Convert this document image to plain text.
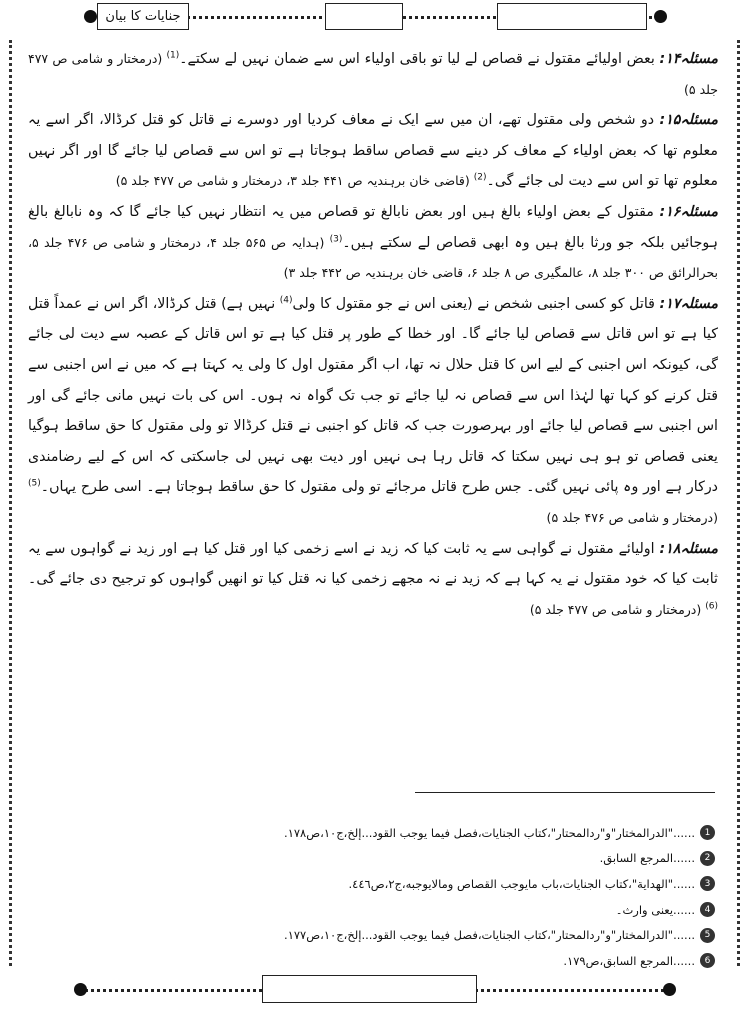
جنایات کا بیان

مسئلہ۱۴: بعض اولیائے مقتول نے قصاص لے لیا تو باقی اولیاء اس سے ضمان نہیں لے سکتے۔$^{(1)}$ (درمختار و شامی ص ۴۷۷ جلد ۵)

مسئلہ۱۵: دو شخص ولی مقتول تھے، ان میں سے ایک نے معاف کردیا اور دوسرے نے قاتل کو قتل کرڈالا، اگر اسے یہ معلوم تھا کہ بعض اولیاء کے معاف کر دینے سے قصاص ساقط ہوجاتا ہے تو اس سے قصاص لیا جائے گا اور اگر نہیں معلوم تھا تو اس سے دیت لی جائے گی۔$^{(2)}$ (قاضی خان برہندیہ ص ۴۴۱ جلد ۳، درمختار و شامی ص ۴۷۷ جلد ۵)

مسئلہ۱۶: مقتول کے بعض اولیاء بالغ ہیں اور بعض نابالغ تو قصاص میں یہ انتظار نہیں کیا جائے گا کہ وہ نابالغ بالغ ہوجائیں بلکہ جو ورثا بالغ ہیں وہ ابھی قصاص لے سکتے ہیں۔$^{(3)}$ (ہدایہ ص ۵۶۵ جلد ۴، درمختار و شامی ص ۴۷۶ جلد ۵، بحرالرائق ص ۳۰۰ جلد ۸، عالمگیری ص ۸ جلد ۶، قاضی خان برہندیہ ص ۴۴۲ جلد ۳)

مسئلہ۱۷: قاتل کو کسی اجنبی شخص نے (یعنی اس نے جو مقتول کا ولی$^{(4)}$ نہیں ہے) قتل کرڈالا، اگر اس نے عمداً قتل کیا ہے تو اس قاتل سے قصاص لیا جائے گا۔ اور خطا کے طور پر قتل کیا ہے تو اس قاتل کے عصبہ سے دیت لی جائے گی، کیونکہ اس اجنبی کے لیے اس کا قتل حلال نہ تھا، اب اگر مقتول اول کا ولی یہ کہتا ہے کہ میں نے اس اجنبی سے قتل کرنے کو کہا تھا لہٰذا اس سے قصاص نہ لیا جائے تو جب تک گواہ نہ ہوں۔ اس کی بات نہیں مانی جائے گی اور اس اجنبی سے قصاص لیا جائے اور بہرصورت جب کہ قاتل کو اجنبی نے قتل کرڈالا تو ولی مقتول کا حق ساقط ہوگیا یعنی قصاص تو ہو ہی نہیں سکتا کہ قاتل رہا ہی نہیں اور دیت بھی نہیں لی جاسکتی کہ اس کے لیے رضامندی درکار ہے اور وہ پائی نہیں گئی۔ جس طرح قاتل مرجائے تو ولی مقتول کا حق ساقط ہوجاتا ہے۔ اسی طرح یہاں۔$^{(5)}$ (درمختار و شامی ص ۴۷۶ جلد ۵)

مسئلہ۱۸: اولیائے مقتول نے گواہی سے یہ ثابت کیا کہ زید نے اسے زخمی کیا اور قتل کیا ہے اور زید نے گواہوں سے یہ ثابت کیا کہ خود مقتول نے یہ کہا ہے کہ زید نے نہ مجھے زخمی کیا نہ قتل کیا تو انھیں گواہوں کو ترجیح دی جائے گی۔$^{(6)}$ (درمختار و شامی ص ۴۷۷ جلد ۵)

1
......"الدرالمختار"و"ردالمحتار"،كتاب الجنايات،فصل فيما يوجب القود...إلخ،ج١٠،ص١٧٨.
2
......المرجع السابق.
3
......"الهداية"،كتاب الجنايات،باب مايوجب القصاص ومالايوجبه،ج٢،ص٤٤٦.
4
......یعنی وارث۔
5
......"الدرالمختار"و"ردالمحتار"،كتاب الجنايات،فصل فيما يوجب القود...إلخ،ج١٠،ص١٧٧.
6
......المرجع السابق،ص١٧٩.
